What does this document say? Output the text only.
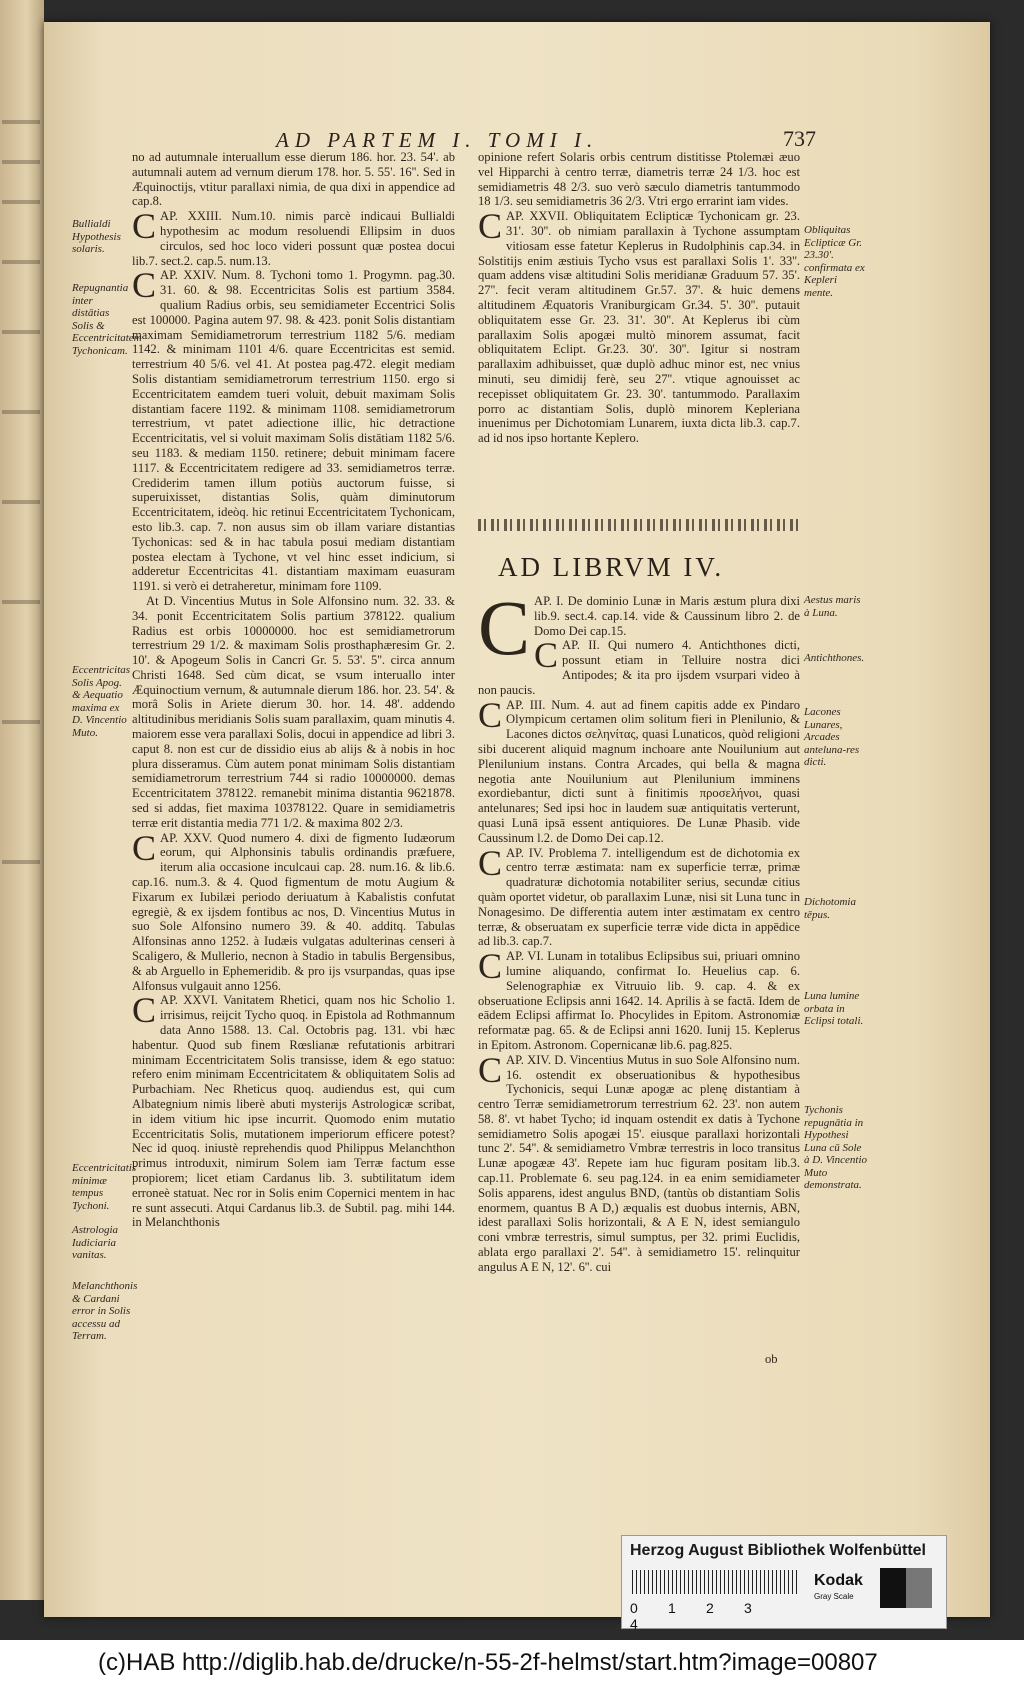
AD PARTEM I. TOMI I.	737

no ad autumnale interuallum esse dierum 186. hor. 23. 54'. ab autumnali autem ad vernum dierum 178. hor. 5. 55'. 16''. Sed in Æquinoctijs, vtitur parallaxi nimia, de qua dixi in appendice ad cap.8.

CAP. XXIII. Num.10. nimis parcè indicaui Bullialdi hypothesim ac modum resoluendi Ellipsim in duos circulos, sed hoc loco videri possunt quæ postea docui lib.7. sect.2. cap.5. num.13.

CAP. XXIV. Num. 8. Tychoni tomo 1. Progymn. pag.30. 31. 60. & 98. Eccentricitas Solis est partium 3584. qualium Radius orbis, seu semidiameter Eccentrici Solis est 100000. Pagina autem 97. 98. & 423. ponit Solis distantiam maximam Semidiametrorum terrestrium 1182 5/6. mediam 1142. & minimam 1101 4/6. quare Eccentricitas est semid. terrestrium 40 5/6. vel 41. At postea pag.472. elegit mediam Solis distantiam semidiametrorum terrestrium 1150. ergo si Eccentricitatem eamdem tueri voluit, debuit maximam Solis distantiam facere 1192. & minimam 1108. semidiametrorum terrestrium, vt patet adiectione illic, hic detractione Eccentricitatis, vel si voluit maximam Solis distātiam 1182 5/6. seu 1183. & mediam 1150. retinere; debuit minimam facere 1117. & Eccentricitatem redigere ad 33. semidiametros terræ. Crediderim tamen illum potiùs auctorum fuisse, si superuixisset, distantias Solis, quàm diminutorum Eccentricitatem, ideòq. hic retinui Eccentricitatem Tychonicam, esto lib.3. cap. 7. non ausus sim ob illam variare distantias Tychonicas: sed & in hac tabula posui mediam distantiam postea electam à Tychone, vt vel hinc esset indicium, si adderetur Eccentricitas 41. distantiam maximam euasuram 1191. si verò ei detraheretur, minimam fore 1109.

At D. Vincentius Mutus in Sole Alfonsino num. 32. 33. & 34. ponit Eccentricitatem Solis partium 378122. qualium Radius est orbis 10000000. hoc est semidiametrorum terrestrium 29 1/2. & maximam Solis prosthaphæresim Gr. 2. 10'. & Apogeum Solis in Cancri Gr. 5. 53'. 5''. circa annum Christi 1648. Sed cùm dicat, se vsum interuallo inter Æquinoctium vernum, & autumnale dierum 186. hor. 23. 54'. & morâ Solis in Ariete dierum 30. hor. 14. 48'. addendo altitudinibus meridianis Solis suam parallaxim, quam minutis 4. maiorem esse vera parallaxi Solis, docui in appendice ad libri 3. caput 8. non est cur de dissidio eius ab alijs & à nobis in hoc plura disseramus. Cùm autem ponat minimam Solis distantiam semidiametrorum terrestrium 744 si radio 10000000. demas Eccentricitatem 378122. remanebit minima distantia 9621878. sed si addas, fiet maxima 10378122. Quare in semidiametris terræ erit distantia media 771 1/2. & maxima 802 2/3.

CAP. XXV. Quod numero 4. dixi de figmento Iudæorum eorum, qui Alphonsinis tabulis ordinandis præfuere, iterum alia occasione inculcaui cap. 28. num.16. & lib.6. cap.16. num.3. & 4. Quod figmentum de motu Augium & Fixarum ex Iubilæi periodo deriuatum à Kabalistis confutat egregiè, & ex ijsdem fontibus ac nos, D. Vincentius Mutus in suo Sole Alfonsino numero 39. & 40. additq. Tabulas Alfonsinas anno 1252. à Iudæis vulgatas adulterinas censeri à Scaligero, & Mullerio, necnon à Stadio in tabulis Bergensibus, & ab Arguello in Ephemeridib. & pro ijs vsurpandas, quas ipse Alfonsus vulgauit anno 1256.

CAP. XXVI. Vanitatem Rhetici, quam nos hic Scholio 1. irrisimus, reijcit Tycho quoq. in Epistola ad Rothmannum data Anno 1588. 13. Cal. Octobris pag. 131. vbi hæc habentur. Quod sub finem Rœslianæ refutationis arbitrari minimam Eccentricitatem Solis transisse, idem & ego statuo: refero enim minimam Eccentricitatem & obliquitatem Solis ad Purbachiam. Nec Rheticus quoq. audiendus est, qui cum Albategnium nimis liberè abuti mysterijs Astrologicæ scribat, in idem vitium hic ipse incurrit. Quomodo enim mutatio Eccentricitatis Solis, mutationem imperiorum efficere potest? Nec id quoq. iniustè reprehendis quod Philippus Melanchthon primus introduxit, nimirum Solem iam Terræ factum esse propiorem; licet etiam Cardanus lib. 3. subtilitatum idem erroneè statuat. Nec ror in Solis enim Copernici mentem in hac re sunt assecuti. Atqui Cardanus lib.3. de Subtil. pag. mihi 144. in Melanchthonis

Bullialdi Hypothesis solaris.
Repugnantia inter distātias Solis & Eccentricitatem Tychonicam.
Eccentricitas Solis Apog. & Aequatio maxima ex D. Vincentio Muto.
Eccentricitatis minimæ tempus Tychoni.
Astrologia Iudiciaria vanitas.
Melanchthonis & Cardani error in Solis accessu ad Terram.

opinione refert Solaris orbis centrum distitisse Ptolemæi æuo vel Hipparchi à centro terræ, diametris terræ 24 1/3. hoc est semidiametris 48 2/3. suo verò sæculo diametris tantummodo 18 1/3. seu semidiametris 36 2/3. Vtri ergo errarint iam vides.

CAP. XXVII. Obliquitatem Eclipticæ Tychonicam gr. 23. 31'. 30''. ob nimiam parallaxin à Tychone assumptam vitiosam esse fatetur Keplerus in Rudolphinis cap.34. in Solstitijs enim æstiuis Tycho vsus est parallaxi Solis 1'. 33''. quam addens visæ altitudini Solis meridianæ Graduum 57. 35'. 27''. fecit veram altitudinem Gr.57. 37'. & huic demens altitudinem Æquatoris Vraniburgicam Gr.34. 5'. 30''. putauit obliquitatem esse Gr. 23. 31'. 30''. At Keplerus ibi cùm parallaxim Solis apogæi multò minorem assumat, facit obliquitatem Eclipt. Gr.23. 30'. 30''. Igitur si nostram parallaxim adhibuisset, quæ duplò adhuc minor est, nec vnius minuti, seu dimidij ferè, seu 27''. vtique agnouisset ac recepisset obliquitatem Gr. 23. 30'. tantummodo. Parallaxim porro ac distantiam Solis, duplò minorem Kepleriana inuenimus per Dichotomiam Lunarem, iuxta dicta lib.3. cap.7. ad id nos ipso hortante Keplero.

Obliquitas Eclipticæ Gr. 23.30'. confirmata ex Kepleri mente.
AD LIBRVM IV.

CAP. I. De dominio Lunæ in Maris æstum plura dixi lib.9. sect.4. cap.14. vide & Caussinum libro 2. de Domo Dei cap.15.

CAP. II. Qui numero 4. Antichthones dicti, possunt etiam in Telluire nostra dici Antipodes; & ita pro ijsdem vsurpari video à non paucis.

CAP. III. Num. 4. aut ad finem capitis adde ex Pindaro Olympicum certamen olim solitum fieri in Plenilunio, & Lacones dictos σεληνίτας, quasi Lunaticos, quòd religioni sibi ducerent aliquid magnum inchoare ante Nouilunium aut Plenilunium instans. Contra Arcades, qui bella & magna negotia ante Nouilunium aut Plenilunium imminens exordiebantur, dicti sunt à finitimis προσελήνοι, quasi antelunares; Sed ipsi hoc in laudem suæ antiquitatis verterunt, quasi Lunā ipsā essent antiquiores. De Lunæ Phasib. vide Caussinum l.2. de Domo Dei cap.12.

CAP. IV. Problema 7. intelligendum est de dichotomia ex centro terræ æstimata: nam ex superficie terræ, primæ quadraturæ dichotomia notabiliter serius, secundæ citius quàm oportet videtur, ob parallaxim Lunæ, nisi sit Luna tunc in Nonagesimo. De differentia autem inter æstimatam ex centro terræ, & obseruatam ex superficie terræ vide dicta in appēdice ad lib.3. cap.7.

CAP. VI. Lunam in totalibus Eclipsibus sui, priuari omnino lumine aliquando, confirmat Io. Heuelius cap. 6. Selenographiæ ex Vitruuio lib. 9. cap. 4. & ex obseruatione Eclipsis anni 1642. 14. Aprilis à se factā. Idem de eādem Eclipsi affirmat Io. Phocylides in Epitom. Astronomiæ reformatæ pag. 65. & de Eclipsi anni 1620. Iunij 15. Keplerus in Epitom. Astronom. Copernicanæ lib.6. pag.825.

CAP. XIV. D. Vincentius Mutus in suo Sole Alfonsino num. 16. ostendit ex obseruationibus & hypothesibus Tychonicis, sequi Lunæ apogæ ac plenę distantiam à centro Terræ semidiametrorum terrestrium 62. 23'. non autem 58. 8'. vt habet Tycho; id inquam ostendit ex datis à Tychone semidiametro Solis apogæi 15'. eiusque parallaxi horizontali tunc 2'. 54''. & semidiametro Vmbræ terrestris in loco transitus Lunæ apogææ 43'. Repete iam huc figuram positam lib.3. cap.11. Problemate 6. seu pag.124. in ea enim semidiameter Solis apparens, idest angulus BND, (tantùs ob distantiam Solis enormem, quantus B A D,) æqualis est duobus internis, ABN, idest parallaxi Solis horizontali, & A E N, idest semiangulo coni vmbræ terrestris, simul sumptus, per 32. primi Euclidis, ablata ergo parallaxi 2'. 54''. à semidiametro 15'. relinquitur angulus A E N, 12'. 6''. cui

ob
Aestus maris à Luna.
Antichthones.
Lacones Lunares, Arcades anteluna-res dicti.
Dichotomia tēpus.
Luna lumine orbata in Eclipsi totali.
Tychonis repugnātia in Hypothesi Luna cū Sole à D. Vincentio Muto demonstrata.
Herzog August Bibliothek Wolfenbüttel
0 1 2 34
Kodak
Gray Scale
(c)HAB http://diglib.hab.de/drucke/n-55-2f-helmst/start.htm?image=00807
